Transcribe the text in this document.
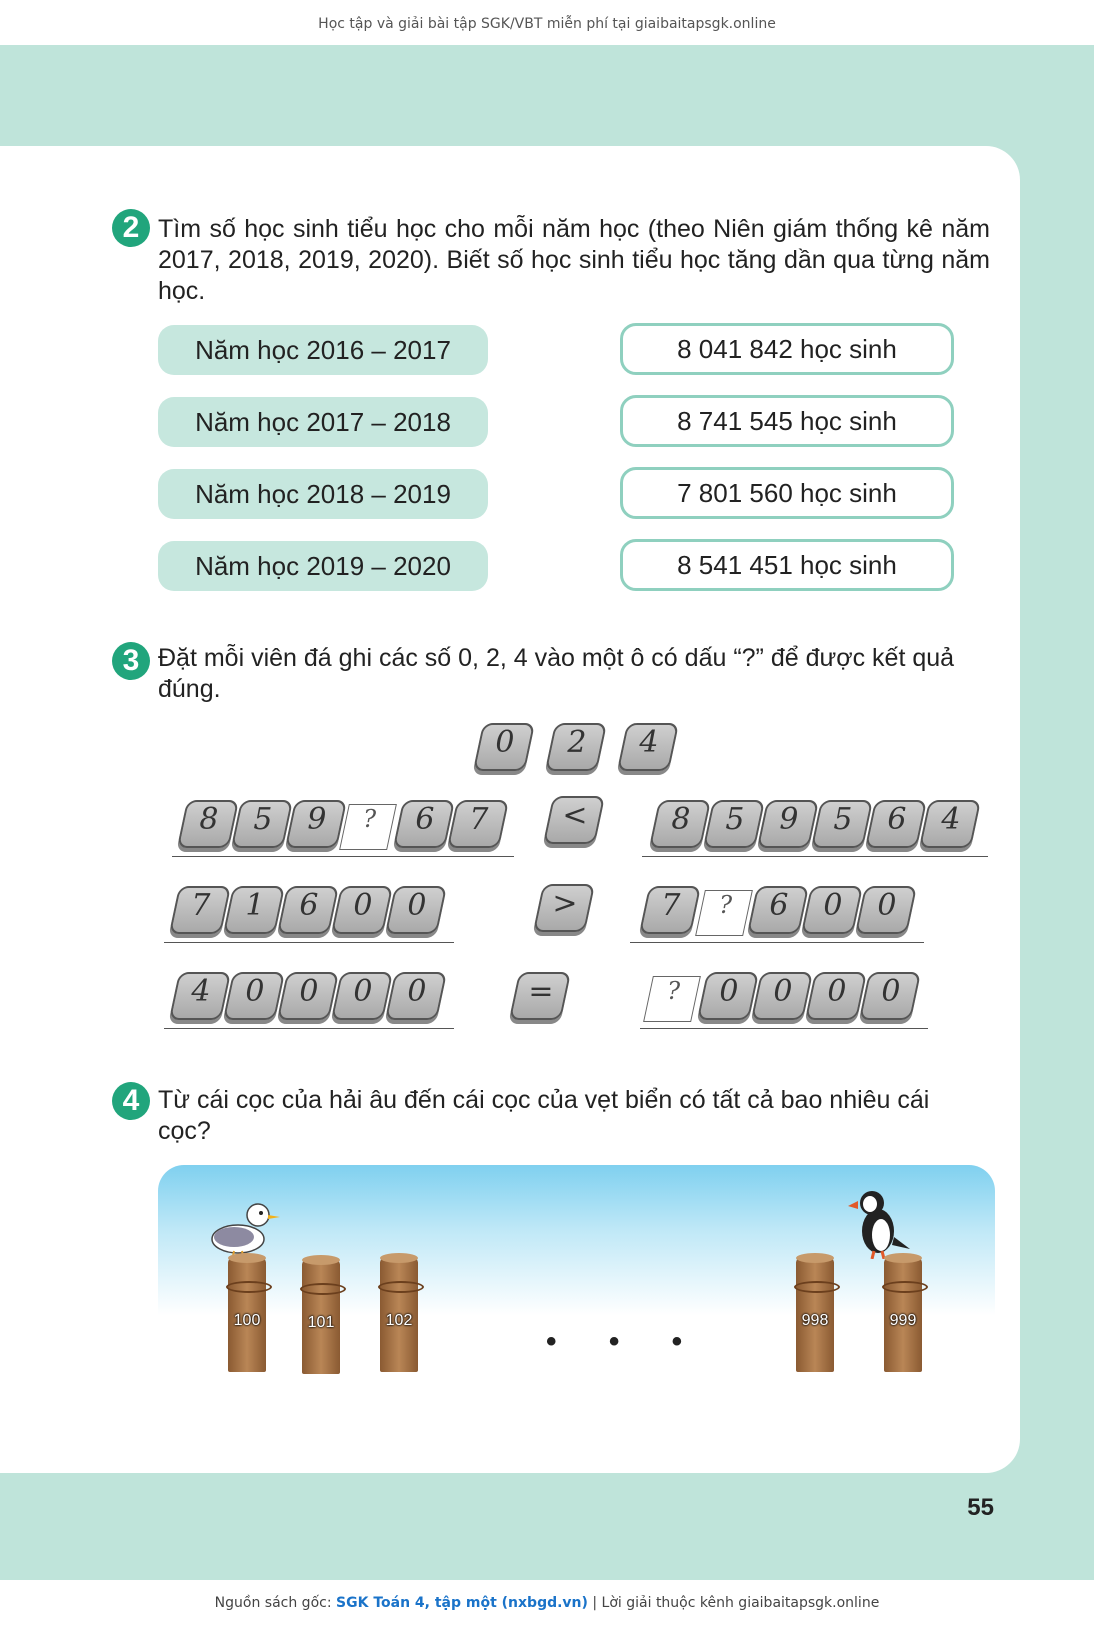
Học tập và giải bài tập SGK/VBT miễn phí tại giaibaitapsgk.online
2 Tìm số học sinh tiểu học cho mỗi năm học (theo Niên giám thống kê năm 2017, 2018, 2019, 2020). Biết số học sinh tiểu học tăng dần qua từng năm học.
Năm học 2016 – 2017
Năm học 2017 – 2018
Năm học 2018 – 2019
Năm học 2019 – 2020
8 041 842 học sinh
8 741 545 học sinh
7 801 560 học sinh
8 541 451 học sinh
3 Đặt mỗi viên đá ghi các số 0, 2, 4 vào một ô có dấu “?” để được kết quả đúng.
0	2	4
8	5	9	?	6	7	<	8	5	9	5	6	4
7	1	6	0	0	>	7	?	6	0	0
4	0	0	0	0	=	?	0	0	0	0
4 Từ cái cọc của hải âu đến cái cọc của vẹt biển có tất cả bao nhiêu cái cọc?
100	101	102
• • •
998	999
55
Nguồn sách gốc: SGK Toán 4, tập một (nxbgd.vn) | Lời giải thuộc kênh giaibaitapsgk.online
